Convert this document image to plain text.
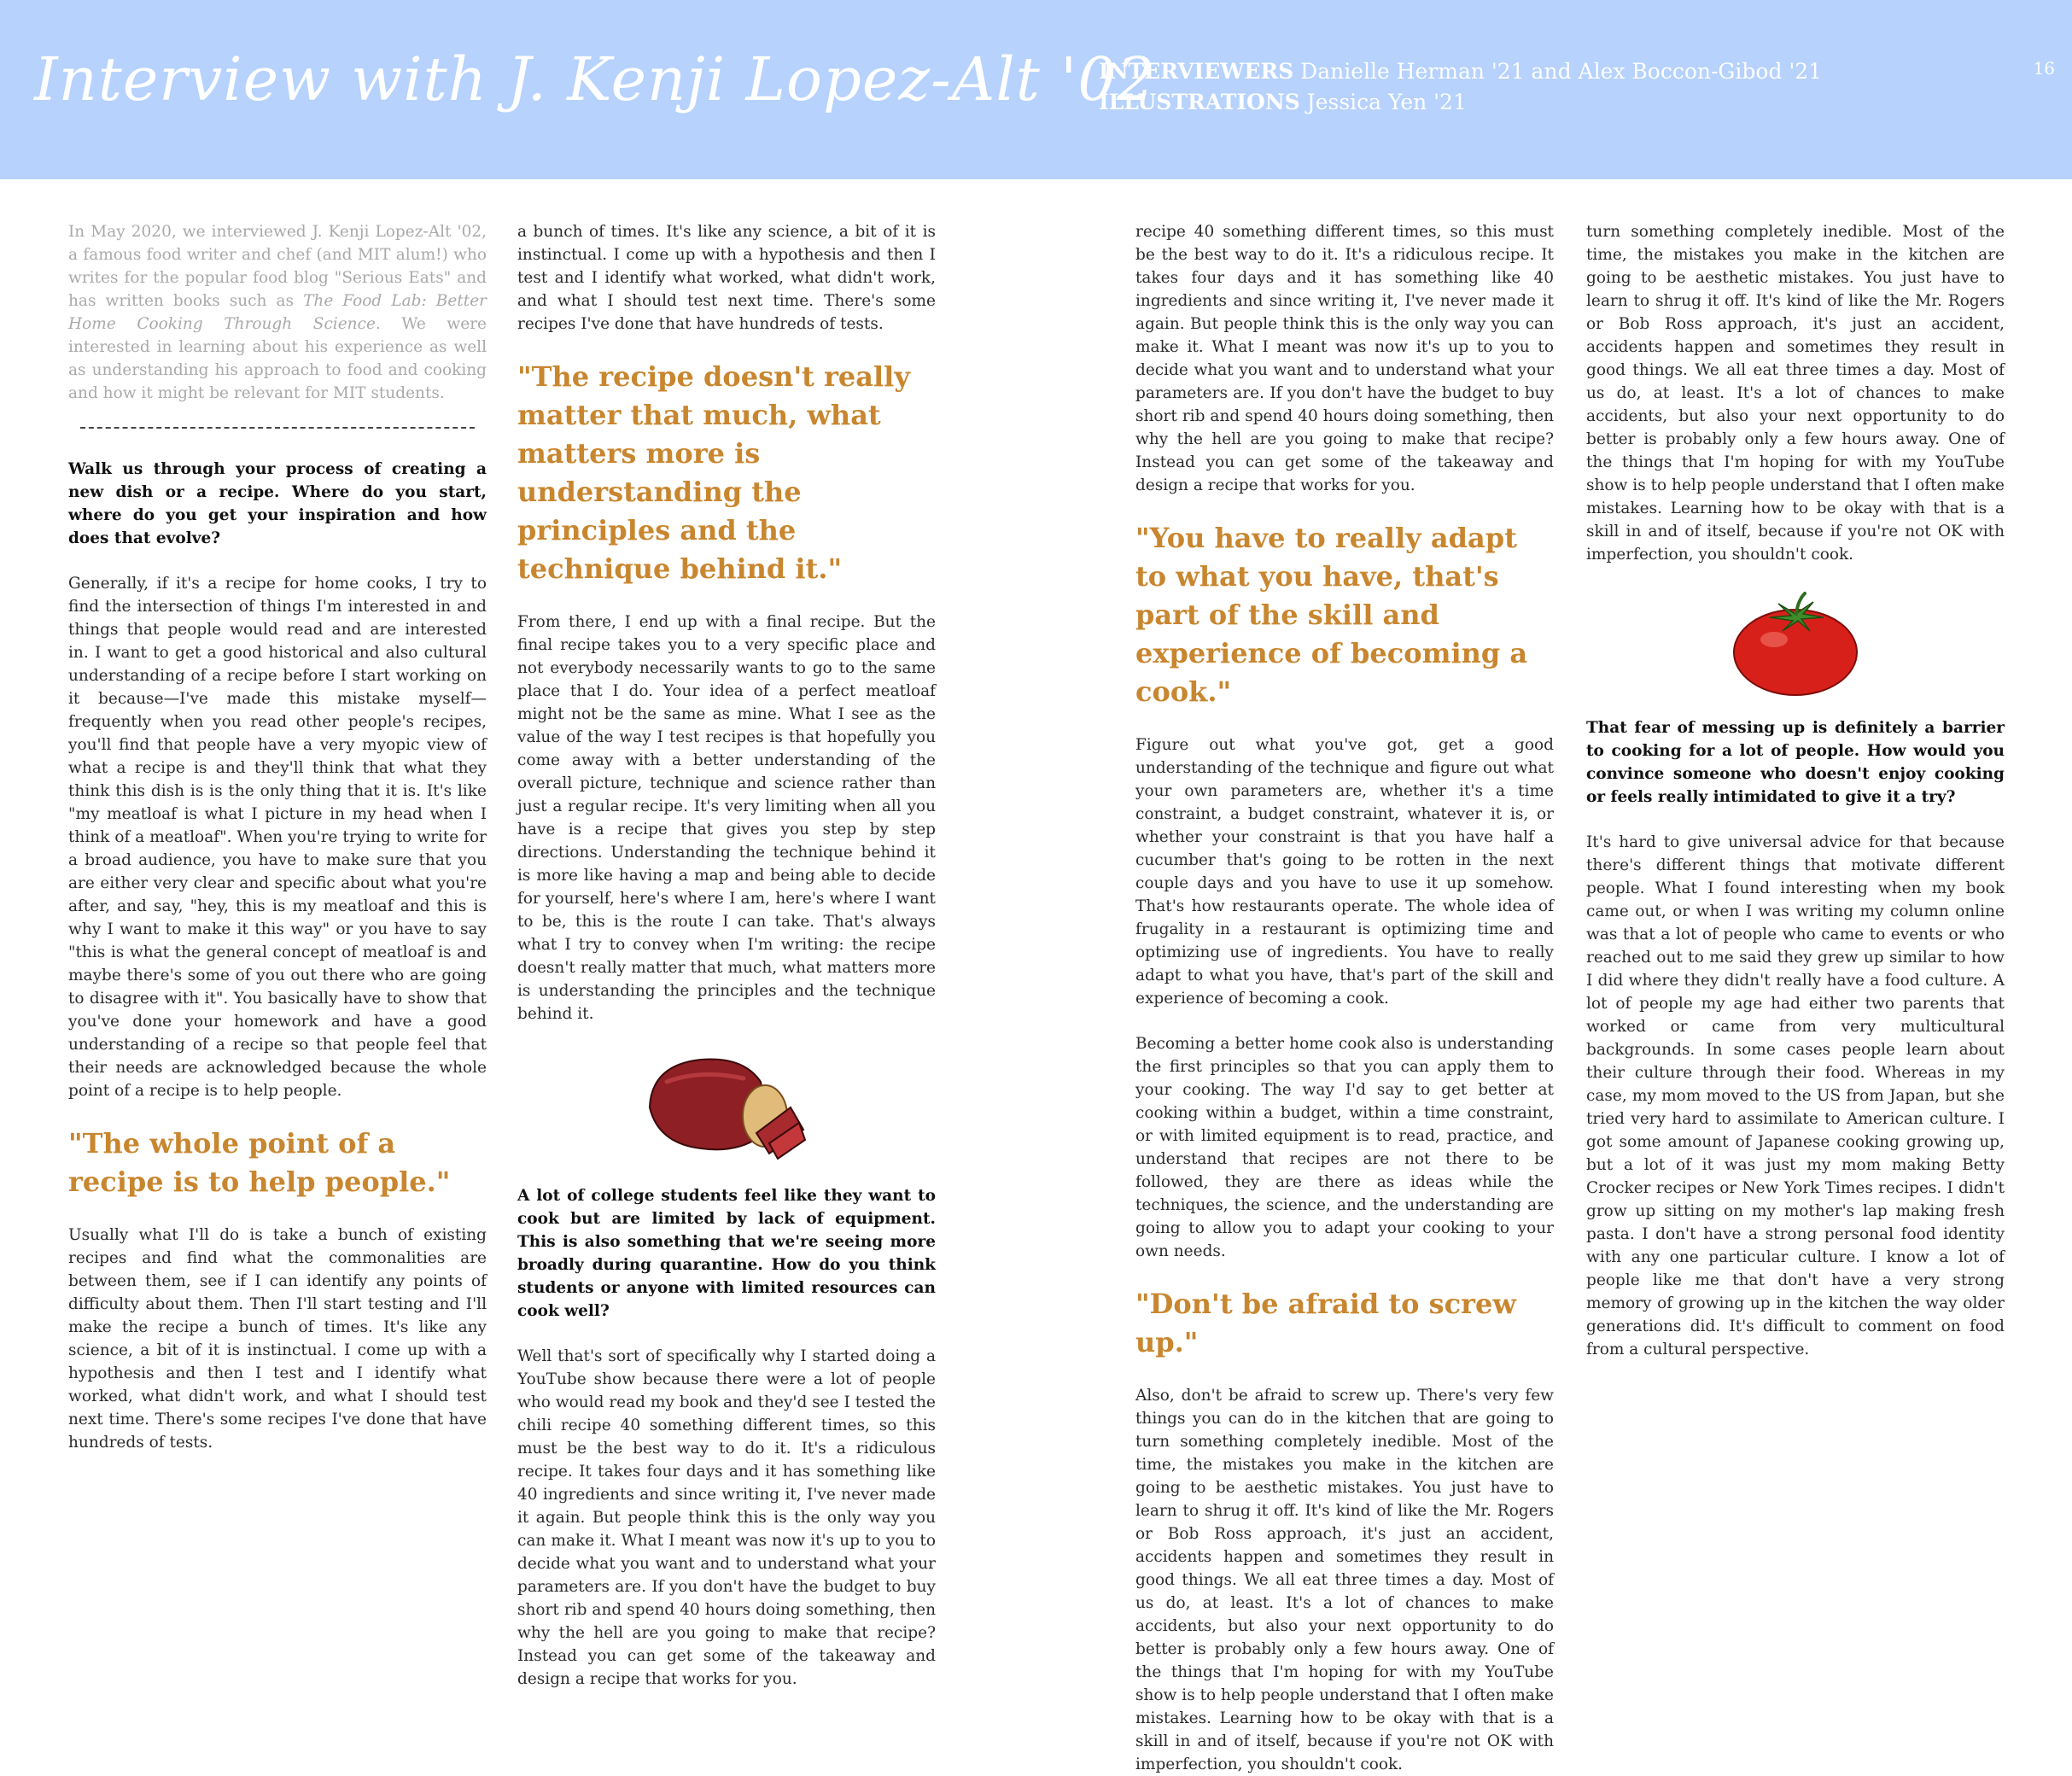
Interview with J. Kenji Lopez-Alt '02
INTERVIEWERS Danielle Herman '21 and Alex Boccon-Gibod '21
ILLUSTRATIONS Jessica Yen '21
16

In May 2020, we interviewed J. Kenji Lopez-Alt '02, a famous food writer and chef (and MIT alum!) who writes for the popular food blog "Serious Eats" and has written books such as The Food Lab: Better Home Cooking Through Science. We were interested in learning about his experience as well as understanding his approach to food and cooking and how it might be relevant for MIT students.

Walk us through your process of creating a new dish or a recipe. Where do you start, where do you get your inspiration and how does that evolve?

Generally, if it's a recipe for home cooks, I try to find the intersection of things I'm interested in and things that people would read and are interested in. I want to get a good historical and also cultural understanding of a recipe before I start working on it because—I've made this mistake myself—frequently when you read other people's recipes, you'll find that people have a very myopic view of what a recipe is and they'll think that what they think this dish is is the only thing that it is. It's like "my meatloaf is what I picture in my head when I think of a meatloaf". When you're trying to write for a broad audience, you have to make sure that you are either very clear and specific about what you're after, and say, "hey, this is my meatloaf and this is why I want to make it this way" or you have to say "this is what the general concept of meatloaf is and maybe there's some of you out there who are going to disagree with it". You basically have to show that you've done your homework and have a good understanding of a recipe so that people feel that their needs are acknowledged because the whole point of a recipe is to help people.

"The whole point of a recipe is to help people."

Usually what I'll do is take a bunch of existing recipes and find what the commonalities are between them, see if I can identify any points of difficulty about them. Then I'll start testing and I'll make the recipe a bunch of times. It's like any science, a bit of it is instinctual. I come up with a hypothesis and then I test and I identify what worked, what didn't work, and what I should test next time. There's some recipes I've done that have hundreds of tests.

a bunch of times. It's like any science, a bit of it is instinctual. I come up with a hypothesis and then I test and I identify what worked, what didn't work, and what I should test next time. There's some recipes I've done that have hundreds of tests.

"The recipe doesn't really matter that much, what matters more is understanding the principles and the technique behind it."

From there, I end up with a final recipe. But the final recipe takes you to a very specific place and not everybody necessarily wants to go to the same place that I do. Your idea of a perfect meatloaf might not be the same as mine. What I see as the value of the way I test recipes is that hopefully you come away with a better understanding of the overall picture, technique and science rather than just a regular recipe. It's very limiting when all you have is a recipe that gives you step by step directions. Understanding the technique behind it is more like having a map and being able to decide for yourself, here's where I am, here's where I want to be, this is the route I can take. That's always what I try to convey when I'm writing: the recipe doesn't really matter that much, what matters more is understanding the principles and the technique behind it.

A lot of college students feel like they want to cook but are limited by lack of equipment. This is also something that we're seeing more broadly during quarantine. How do you think students or anyone with limited resources can cook well?

Well that's sort of specifically why I started doing a YouTube show because there were a lot of people who would read my book and they'd see I tested the chili recipe 40 something different times, so this must be the best way to do it. It's a ridiculous recipe. It takes four days and it has something like 40 ingredients and since writing it, I've never made it again. But people think this is the only way you can make it. What I meant was now it's up to you to decide what you want and to understand what your parameters are. If you don't have the budget to buy short rib and spend 40 hours doing something, then why the hell are you going to make that recipe? Instead you can get some of the takeaway and design a recipe that works for you.

recipe 40 something different times, so this must be the best way to do it. It's a ridiculous recipe. It takes four days and it has something like 40 ingredients and since writing it, I've never made it again. But people think this is the only way you can make it. What I meant was now it's up to you to decide what you want and to understand what your parameters are. If you don't have the budget to buy short rib and spend 40 hours doing something, then why the hell are you going to make that recipe? Instead you can get some of the takeaway and design a recipe that works for you.

"You have to really adapt to what you have, that's part of the skill and experience of becoming a cook."

Figure out what you've got, get a good understanding of the technique and figure out what your own parameters are, whether it's a time constraint, a budget constraint, whatever it is, or whether your constraint is that you have half a cucumber that's going to be rotten in the next couple days and you have to use it up somehow. That's how restaurants operate. The whole idea of frugality in a restaurant is optimizing time and optimizing use of ingredients. You have to really adapt to what you have, that's part of the skill and experience of becoming a cook.

Becoming a better home cook also is understanding the first principles so that you can apply them to your cooking. The way I'd say to get better at cooking within a budget, within a time constraint, or with limited equipment is to read, practice, and understand that recipes are not there to be followed, they are there as ideas while the techniques, the science, and the understanding are going to allow you to adapt your cooking to your own needs.

"Don't be afraid to screw up."

Also, don't be afraid to screw up. There's very few things you can do in the kitchen that are going to turn something completely inedible. Most of the time, the mistakes you make in the kitchen are going to be aesthetic mistakes. You just have to learn to shrug it off. It's kind of like the Mr. Rogers or Bob Ross approach, it's just an accident, accidents happen and sometimes they result in good things. We all eat three times a day. Most of us do, at least. It's a lot of chances to make accidents, but also your next opportunity to do better is probably only a few hours away. One of the things that I'm hoping for with my YouTube show is to help people understand that I often make mistakes. Learning how to be okay with that is a skill in and of itself, because if you're not OK with imperfection, you shouldn't cook.

turn something completely inedible. Most of the time, the mistakes you make in the kitchen are going to be aesthetic mistakes. You just have to learn to shrug it off. It's kind of like the Mr. Rogers or Bob Ross approach, it's just an accident, accidents happen and sometimes they result in good things. We all eat three times a day. Most of us do, at least. It's a lot of chances to make accidents, but also your next opportunity to do better is probably only a few hours away. One of the things that I'm hoping for with my YouTube show is to help people understand that I often make mistakes. Learning how to be okay with that is a skill in and of itself, because if you're not OK with imperfection, you shouldn't cook.

That fear of messing up is definitely a barrier to cooking for a lot of people. How would you convince someone who doesn't enjoy cooking or feels really intimidated to give it a try?

It's hard to give universal advice for that because there's different things that motivate different people. What I found interesting when my book came out, or when I was writing my column online was that a lot of people who came to events or who reached out to me said they grew up similar to how I did where they didn't really have a food culture. A lot of people my age had either two parents that worked or came from very multicultural backgrounds. In some cases people learn about their culture through their food. Whereas in my case, my mom moved to the US from Japan, but she tried very hard to assimilate to American culture. I got some amount of Japanese cooking growing up, but a lot of it was just my mom making Betty Crocker recipes or New York Times recipes. I didn't grow up sitting on my mother's lap making fresh pasta. I don't have a strong personal food identity with any one particular culture. I know a lot of people like me that don't have a very strong memory of growing up in the kitchen the way older generations did. It's difficult to comment on food from a cultural perspective.
